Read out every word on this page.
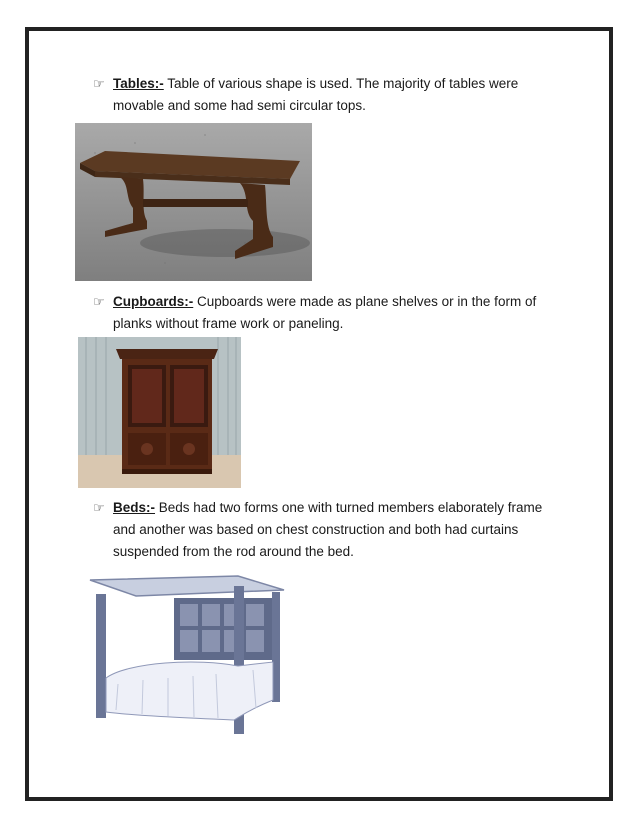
☞ Tables:- Table of various shape is used. The majority of tables were movable and some had semi circular tops.
☞ Cupboards:- Cupboards were made as plane shelves or in the form of planks without frame work or paneling.
☞ Beds:- Beds had two forms one with turned members elaborately frame and another was based on chest construction and both had curtains suspended from the rod around the bed.
